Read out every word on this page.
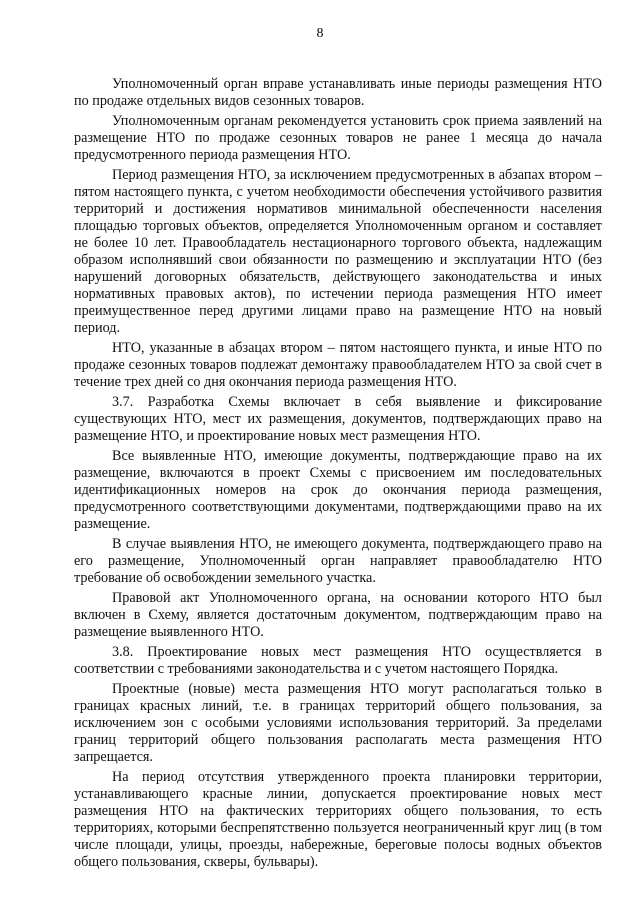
8

Уполномоченный орган вправе устанавливать иные периоды размещения НТО по продаже отдельных видов сезонных товаров.

Уполномоченным органам рекомендуется установить срок приема заявлений на размещение НТО по продаже сезонных товаров не ранее 1 месяца до начала предусмотренного периода размещения НТО.

Период размещения НТО, за исключением предусмотренных в абзапах втором – пятом настоящего пункта, с учетом необходимости обеспечения устойчивого развития территорий и достижения нормативов минимальной обеспеченности населения площадью торговых объектов, определяется Уполномоченным органом и составляет не более 10 лет. Правообладатель нестационарного торгового объекта, надлежащим образом исполнявший свои обязанности по размещению и эксплуатации НТО (без нарушений договорных обязательств, действующего законодательства и иных нормативных правовых актов), по истечении периода размещения НТО имеет преимущественное перед другими лицами право на размещение НТО на новый период.

НТО, указанные в абзацах втором – пятом настоящего пункта, и иные НТО по продаже сезонных товаров подлежат демонтажу правообладателем НТО за свой счет в течение трех дней со дня окончания периода размещения НТО.

3.7. Разработка Схемы включает в себя выявление и фиксирование существующих НТО, мест их размещения, документов, подтверждающих право на размещение НТО, и проектирование новых мест размещения НТО.

Все выявленные НТО, имеющие документы, подтверждающие право на их размещение, включаются в проект Схемы с присвоением им последовательных идентификационных номеров на срок до окончания периода размещения, предусмотренного соответствующими документами, подтверждающими право на их размещение.

В случае выявления НТО, не имеющего документа, подтверждающего право на его размещение, Уполномоченный орган направляет правообладателю НТО требование об освобождении земельного участка.

Правовой акт Уполномоченного органа, на основании которого НТО был включен в Схему, является достаточным документом, подтверждающим право на размещение выявленного НТО.

3.8. Проектирование новых мест размещения НТО осуществляется в соответствии с требованиями законодательства и с учетом настоящего Порядка.

Проектные (новые) места размещения НТО могут располагаться только в границах красных линий, т.е. в границах территорий общего пользования, за исключением зон с особыми условиями использования территорий. За пределами границ территорий общего пользования располагать места размещения НТО запрещается.

На период отсутствия утвержденного проекта планировки территории, устанавливающего красные линии, допускается проектирование новых мест размещения НТО на фактических территориях общего пользования, то есть территориях, которыми беспрепятственно пользуется неограниченный круг лиц (в том числе площади, улицы, проезды, набережные, береговые полосы водных объектов общего пользования, скверы, бульвары).
